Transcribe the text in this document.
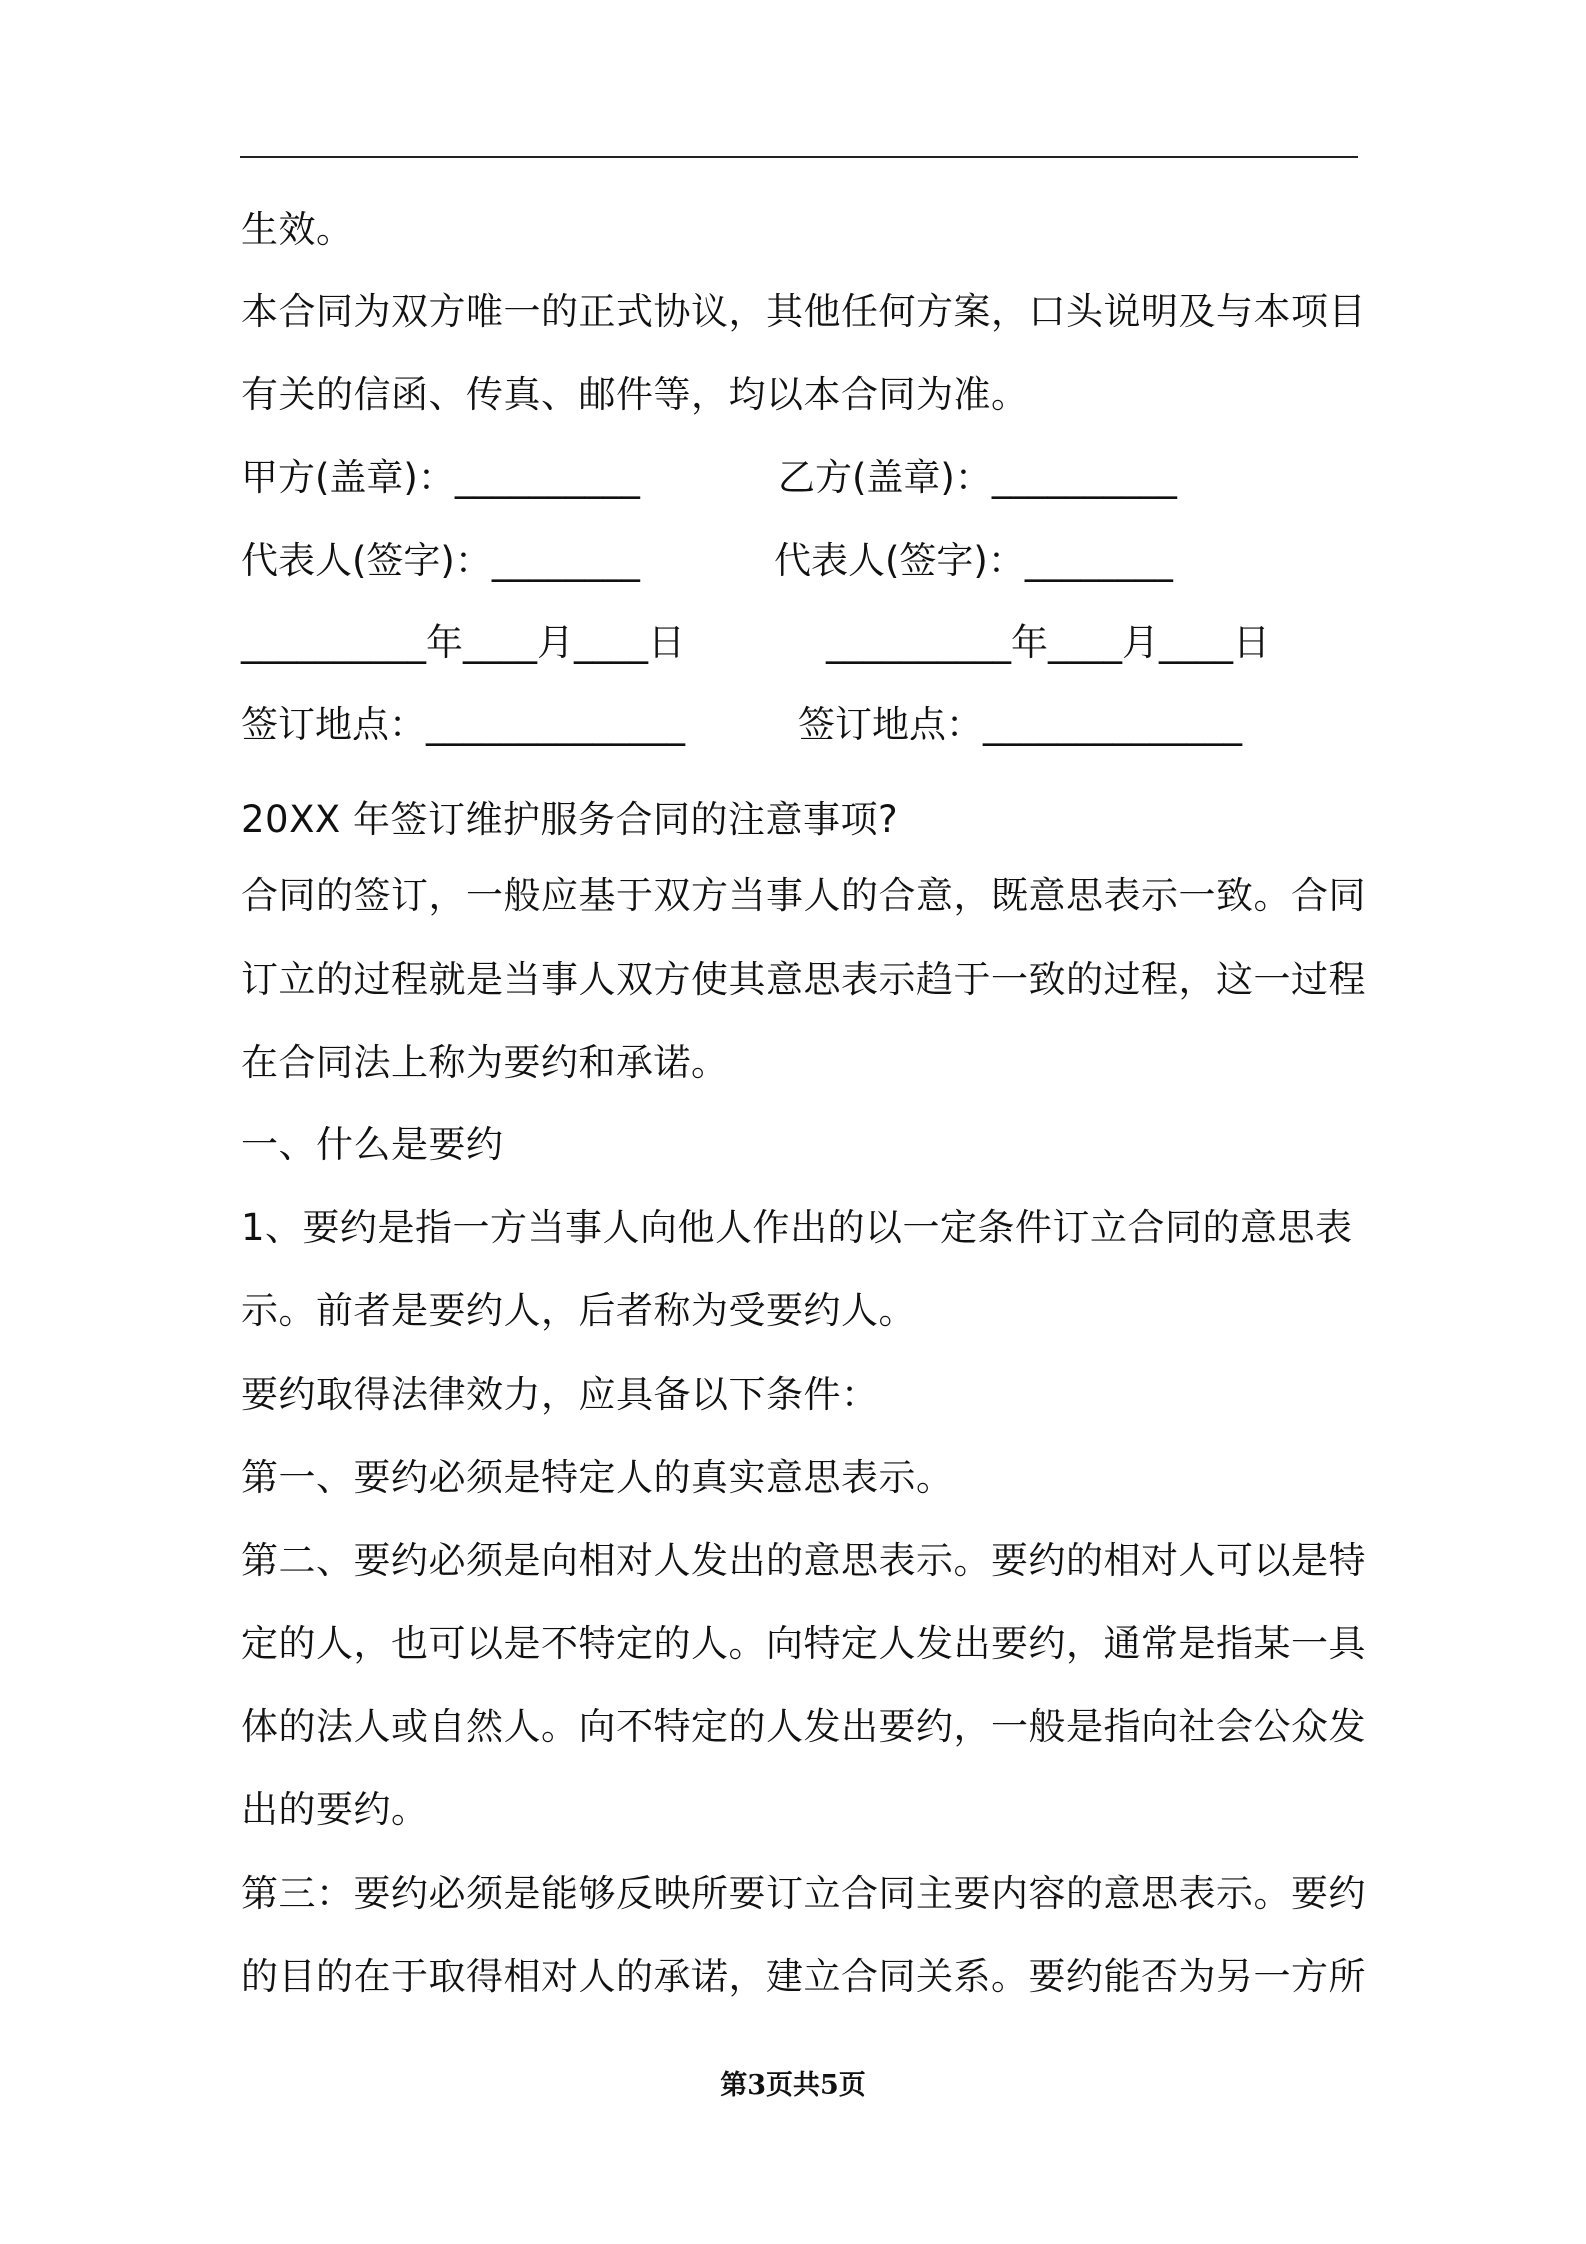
生效。
本合同为双方唯一的正式协议，其他任何方案，口头说明及与本项目
有关的信函、传真、邮件等，均以本合同为准。
甲方(盖章)：__________	乙方(盖章)：__________
代表人(签字)：________	代表人(签字)：________
__________年____月____日	__________年____月____日
签订地点：______________	签订地点：______________
20XX 年签订维护服务合同的注意事项?
合同的签订，一般应基于双方当事人的合意，既意思表示一致。合同
订立的过程就是当事人双方使其意思表示趋于一致的过程，这一过程
在合同法上称为要约和承诺。
一、什么是要约
1、要约是指一方当事人向他人作出的以一定条件订立合同的意思表
示。前者是要约人，后者称为受要约人。
要约取得法律效力，应具备以下条件：
第一、要约必须是特定人的真实意思表示。
第二、要约必须是向相对人发出的意思表示。要约的相对人可以是特
定的人，也可以是不特定的人。向特定人发出要约，通常是指某一具
体的法人或自然人。向不特定的人发出要约，一般是指向社会公众发
出的要约。
第三：要约必须是能够反映所要订立合同主要内容的意思表示。要约
的目的在于取得相对人的承诺，建立合同关系。要约能否为另一方所
第3页共5页
